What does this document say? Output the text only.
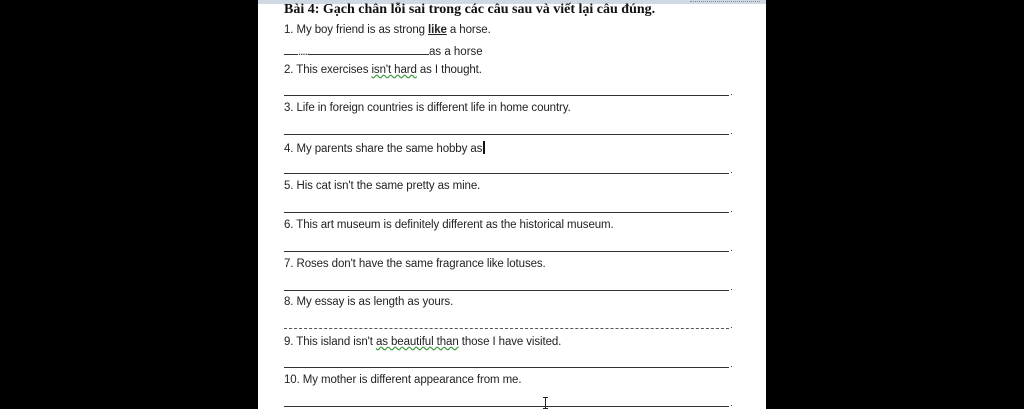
Bài 4: Gạch chân lỗi sai trong các câu sau và viết lại câu đúng.
1. My boy friend is as strong like a horse.
.....	as a horse
2. This exercises isn't hard as I thought.
3. Life in foreign countries is different life in home country.
4. My parents share the same hobby as
5. His cat isn't the same pretty as mine.
6. This art museum is definitely different as the historical museum.
7. Roses don't have the same fragrance like lotuses.
8. My essay is as length as yours.
9. This island isn't as beautiful than those I have visited.
10. My mother is different appearance from me.
